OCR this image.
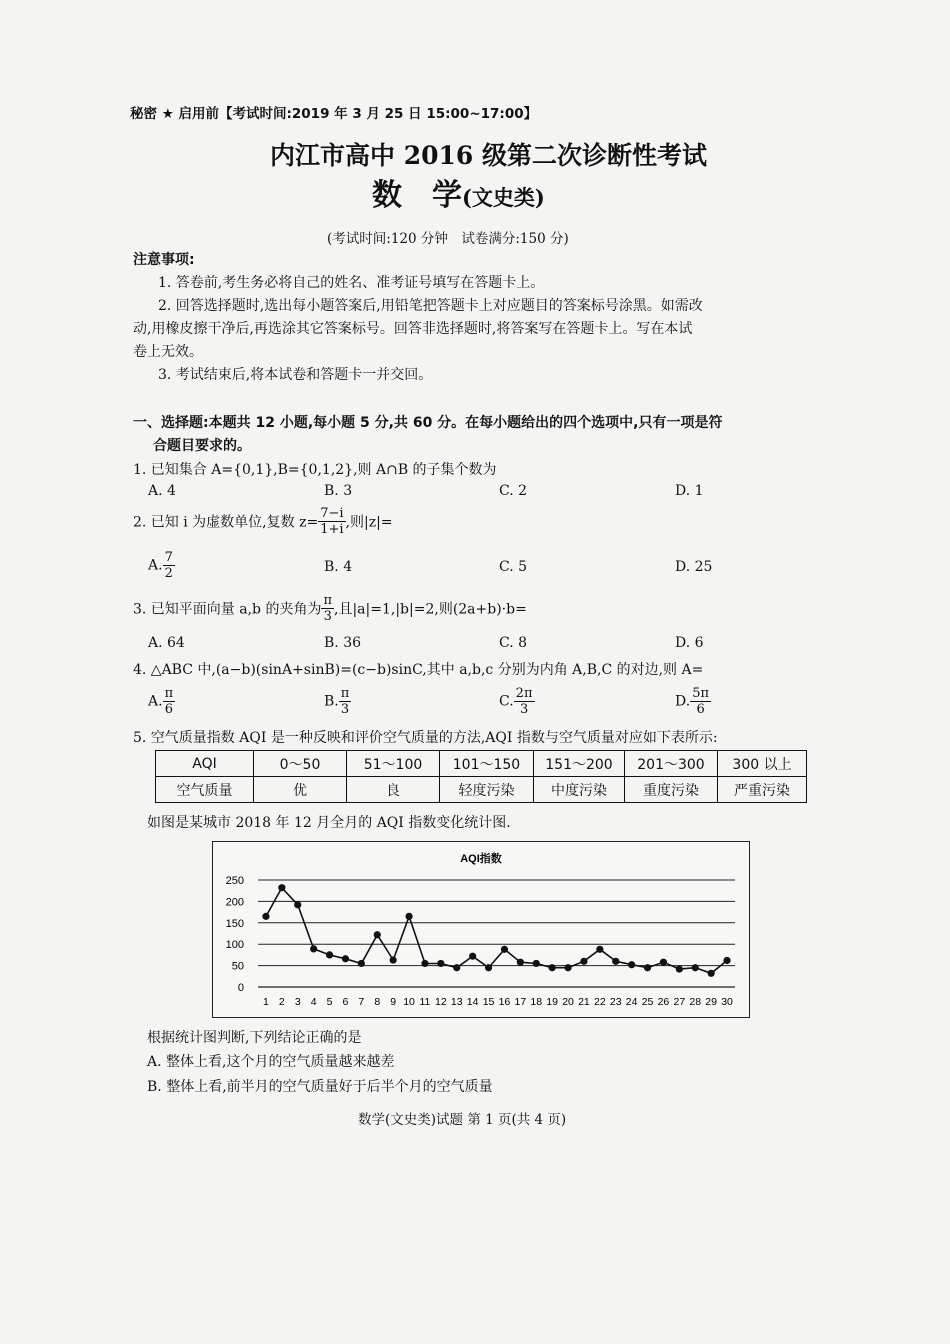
秘密 ★ 启用前【考试时间:2019 年 3 月 25 日 15:00~17:00】
内江市高中 2016 级第二次诊断性考试
数　学(文史类)
(考试时间:120 分钟　试卷满分:150 分)
注意事项:
1. 答卷前,考生务必将自己的姓名、准考证号填写在答题卡上。
2. 回答选择题时,选出每小题答案后,用铅笔把答题卡上对应题目的答案标号涂黑。如需改
动,用橡皮擦干净后,再选涂其它答案标号。回答非选择题时,将答案写在答题卡上。写在本试
卷上无效。
3. 考试结束后,将本试卷和答题卡一并交回。
一、选择题:本题共 12 小题,每小题 5 分,共 60 分。在每小题给出的四个选项中,只有一项是符
合题目要求的。
1. 已知集合 A={0,1},B={0,1,2},则 A∩B 的子集个数为
A. 4	B. 3	C. 2	D. 1
2. 已知 i 为虚数单位,复数 $z= \frac{7-i}{1+i}$ ,则|z|=
A. $\frac{7}{2}$	B. 4	C. 5	D. 25
3. 已知平面向量 a,b 的夹角为 $\frac{\pi}{3}$ ,且|a|=1,|b|=2,则(2a+b)·b=
A. 64	B. 36	C. 8	D. 6
4. △ABC 中,(a−b)(sinA+sinB)=(c−b)sinC,其中 a,b,c 分别为内角 A,B,C 的对边,则 A=
A. $\frac{\pi}{6}$	B. $\frac{\pi}{3}$	C. $\frac{2\pi}{3}$	D. $\frac{5\pi}{6}$
5. 空气质量指数 AQI 是一种反映和评价空气质量的方法,AQI 指数与空气质量对应如下表所示:
AQI	0～50	51～100	101～150	151～200	201～300	300 以上
空气质量	优	良	轻度污染	中度污染	重度污染	严重污染
如图是某城市 2018 年 12 月全月的 AQI 指数变化统计图.
AQI指数
0
50
100
150
200
250
1 2 3 4 5 6 7 8 9 10 11 12 13 14 15 16 17 18 19 20 21 22 23 24 25 26 27 28 29 30
根据统计图判断,下列结论正确的是
A. 整体上看,这个月的空气质量越来越差
B. 整体上看,前半月的空气质量好于后半个月的空气质量
数学(文史类)试题 第 1 页(共 4 页)
